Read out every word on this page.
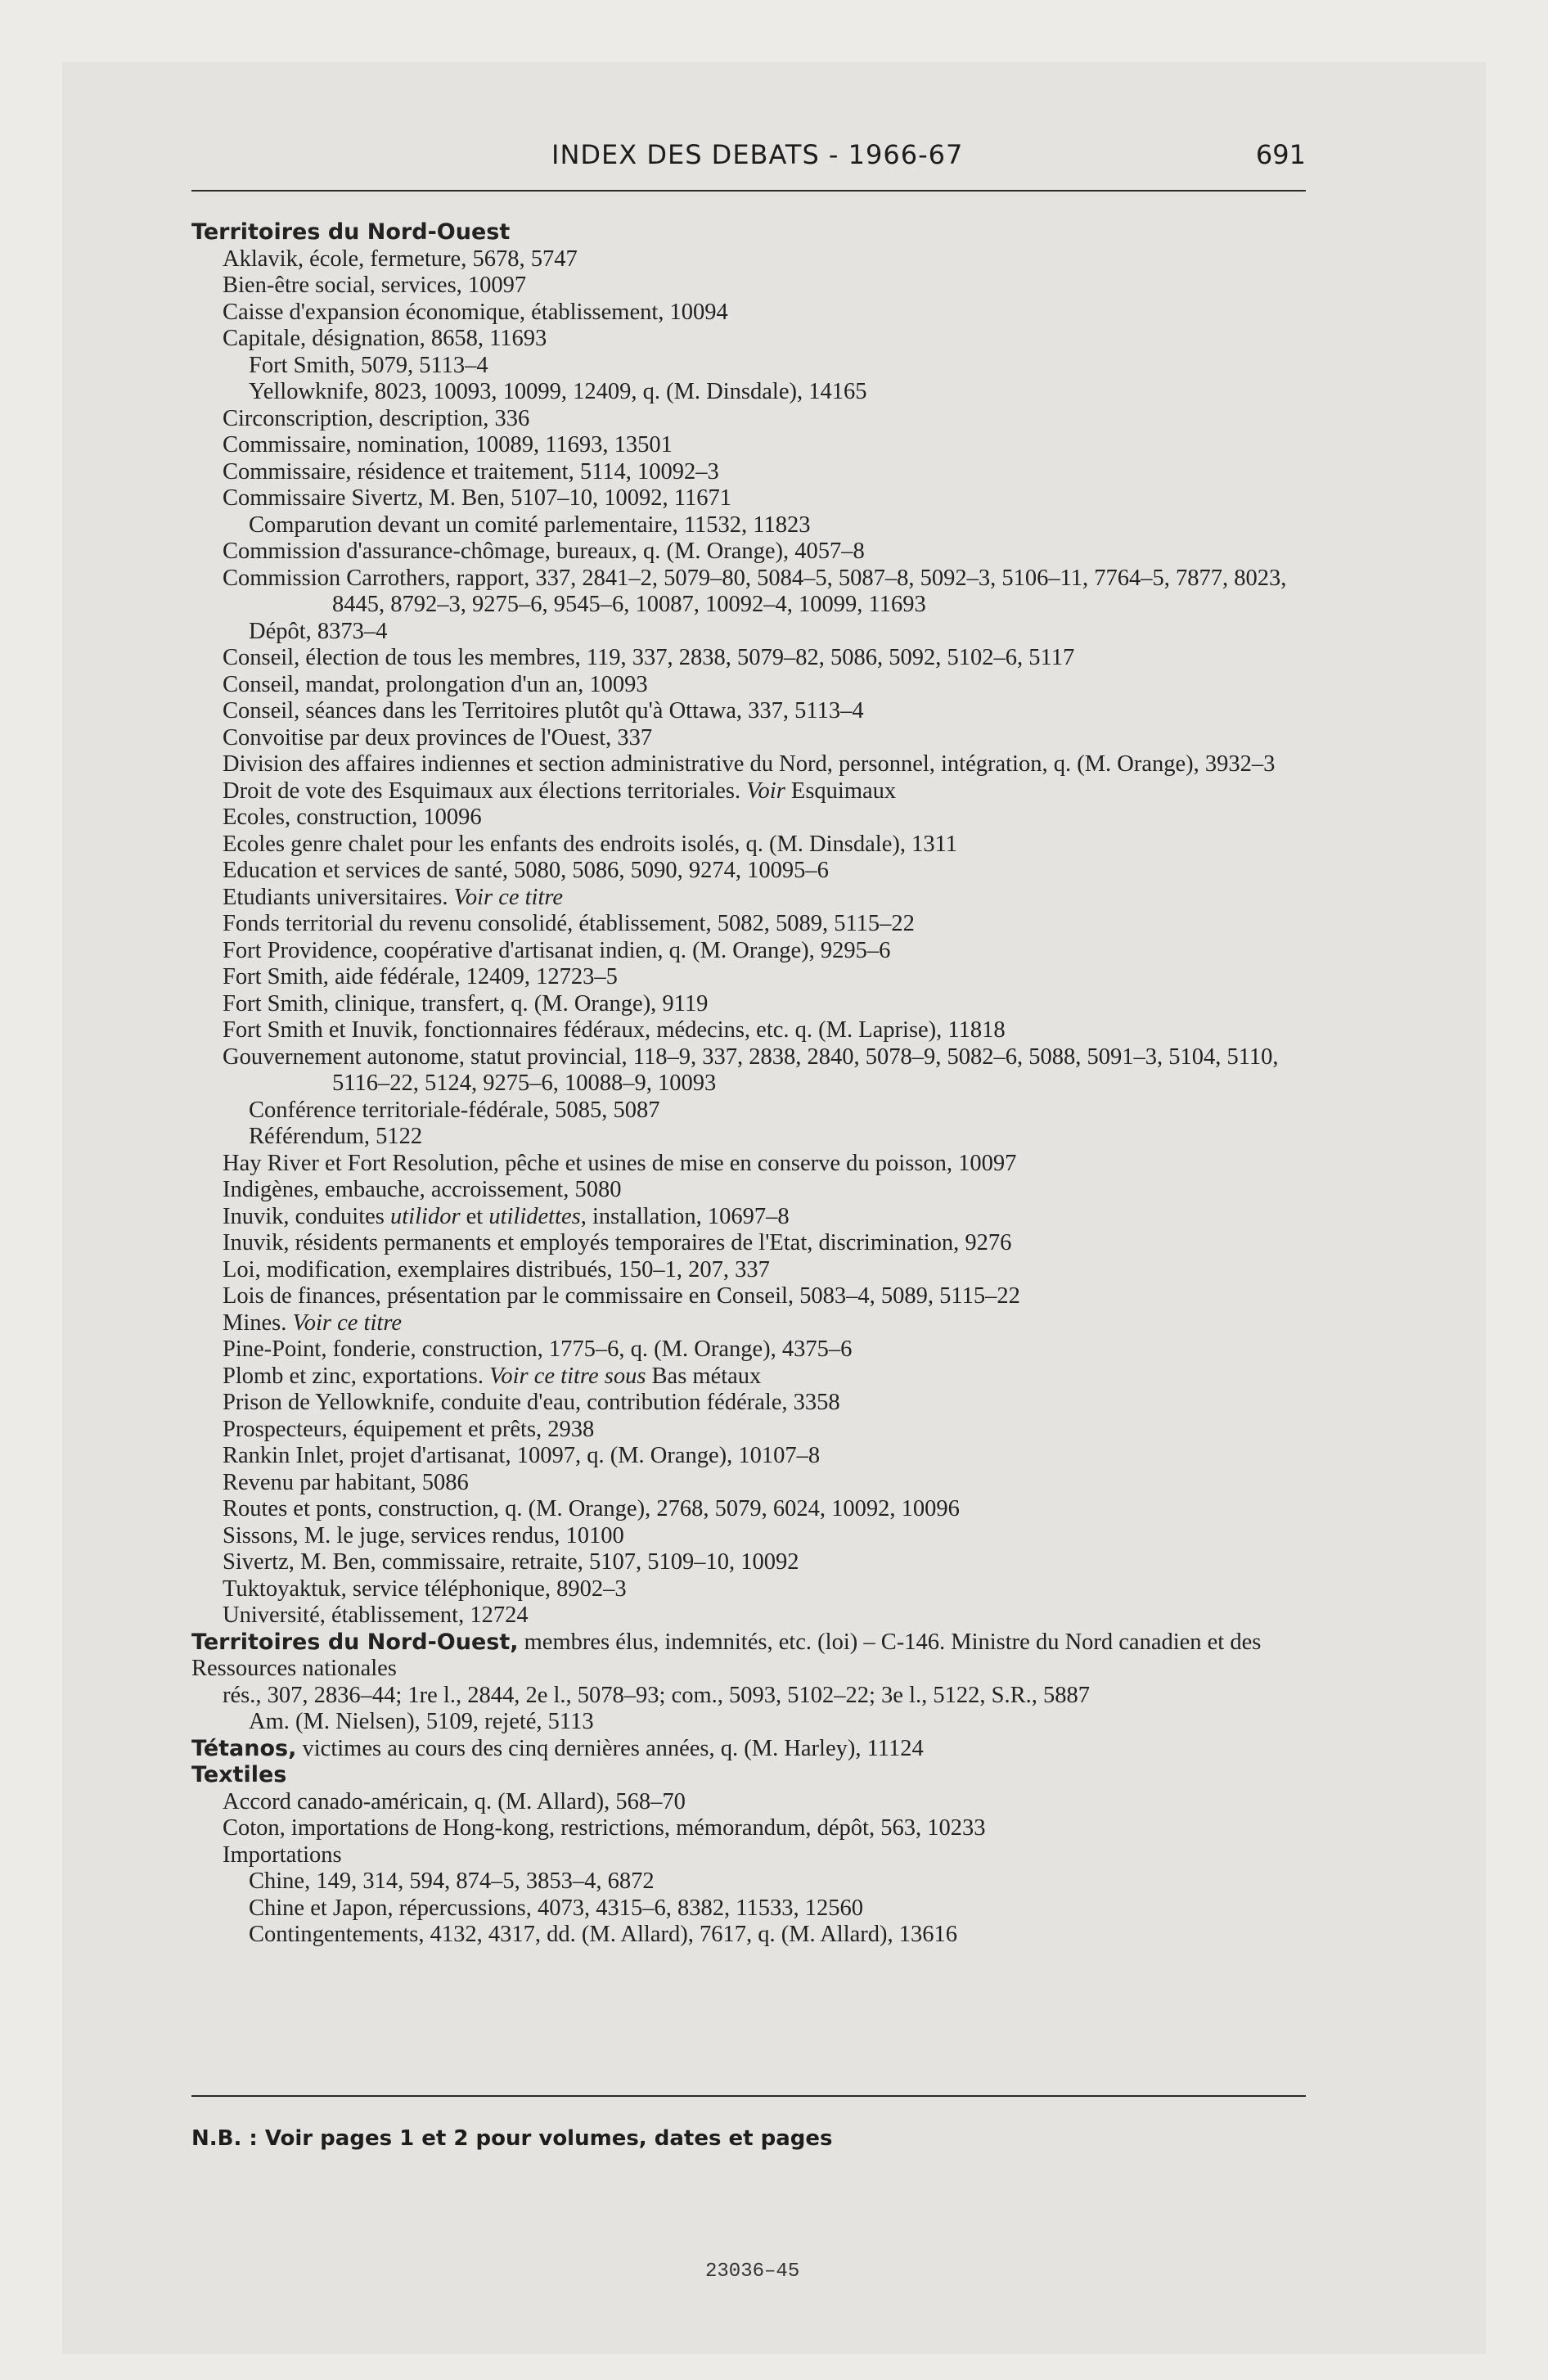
INDEX DES DEBATS - 1966-67	691

Territoires du Nord-Ouest

Aklavik, école, fermeture, 5678, 5747

Bien-être social, services, 10097

Caisse d'expansion économique, établissement, 10094

Capitale, désignation, 8658, 11693

Fort Smith, 5079, 5113–4

Yellowknife, 8023, 10093, 10099, 12409, q. (M. Dinsdale), 14165

Circonscription, description, 336

Commissaire, nomination, 10089, 11693, 13501

Commissaire, résidence et traitement, 5114, 10092–3

Commissaire Sivertz, M. Ben, 5107–10, 10092, 11671

Comparution devant un comité parlementaire, 11532, 11823

Commission d'assurance-chômage, bureaux, q. (M. Orange), 4057–8

Commission Carrothers, rapport, 337, 2841–2, 5079–80, 5084–5, 5087–8, 5092–3, 5106–11, 7764–5, 7877, 8023, 8445, 8792–3, 9275–6, 9545–6, 10087, 10092–4, 10099, 11693

Dépôt, 8373–4

Conseil, élection de tous les membres, 119, 337, 2838, 5079–82, 5086, 5092, 5102–6, 5117

Conseil, mandat, prolongation d'un an, 10093

Conseil, séances dans les Territoires plutôt qu'à Ottawa, 337, 5113–4

Convoitise par deux provinces de l'Ouest, 337

Division des affaires indiennes et section administrative du Nord, personnel, intégration, q. (M. Orange), 3932–3

Droit de vote des Esquimaux aux élections territoriales. Voir Esquimaux

Ecoles, construction, 10096

Ecoles genre chalet pour les enfants des endroits isolés, q. (M. Dinsdale), 1311

Education et services de santé, 5080, 5086, 5090, 9274, 10095–6

Etudiants universitaires. Voir ce titre

Fonds territorial du revenu consolidé, établissement, 5082, 5089, 5115–22

Fort Providence, coopérative d'artisanat indien, q. (M. Orange), 9295–6

Fort Smith, aide fédérale, 12409, 12723–5

Fort Smith, clinique, transfert, q. (M. Orange), 9119

Fort Smith et Inuvik, fonctionnaires fédéraux, médecins, etc. q. (M. Laprise), 11818

Gouvernement autonome, statut provincial, 118–9, 337, 2838, 2840, 5078–9, 5082–6, 5088, 5091–3, 5104, 5110, 5116–22, 5124, 9275–6, 10088–9, 10093

Conférence territoriale-fédérale, 5085, 5087

Référendum, 5122

Hay River et Fort Resolution, pêche et usines de mise en conserve du poisson, 10097

Indigènes, embauche, accroissement, 5080

Inuvik, conduites utilidor et utilidettes, installation, 10697–8

Inuvik, résidents permanents et employés temporaires de l'Etat, discrimination, 9276

Loi, modification, exemplaires distribués, 150–1, 207, 337

Lois de finances, présentation par le commissaire en Conseil, 5083–4, 5089, 5115–22

Mines. Voir ce titre

Pine-Point, fonderie, construction, 1775–6, q. (M. Orange), 4375–6

Plomb et zinc, exportations. Voir ce titre sous Bas métaux

Prison de Yellowknife, conduite d'eau, contribution fédérale, 3358

Prospecteurs, équipement et prêts, 2938

Rankin Inlet, projet d'artisanat, 10097, q. (M. Orange), 10107–8

Revenu par habitant, 5086

Routes et ponts, construction, q. (M. Orange), 2768, 5079, 6024, 10092, 10096

Sissons, M. le juge, services rendus, 10100

Sivertz, M. Ben, commissaire, retraite, 5107, 5109–10, 10092

Tuktoyaktuk, service téléphonique, 8902–3

Université, établissement, 12724

Territoires du Nord-Ouest, membres élus, indemnités, etc. (loi) – C-146. Ministre du Nord canadien et des Ressources nationales

rés., 307, 2836–44; 1re l., 2844, 2e l., 5078–93; com., 5093, 5102–22; 3e l., 5122, S.R., 5887

Am. (M. Nielsen), 5109, rejeté, 5113

Tétanos, victimes au cours des cinq dernières années, q. (M. Harley), 11124

Textiles

Accord canado-américain, q. (M. Allard), 568–70

Coton, importations de Hong-kong, restrictions, mémorandum, dépôt, 563, 10233

Importations

Chine, 149, 314, 594, 874–5, 3853–4, 6872

Chine et Japon, répercussions, 4073, 4315–6, 8382, 11533, 12560

Contingentements, 4132, 4317, dd. (M. Allard), 7617, q. (M. Allard), 13616

N.B. : Voir pages 1 et 2 pour volumes, dates et pages
23036–45
